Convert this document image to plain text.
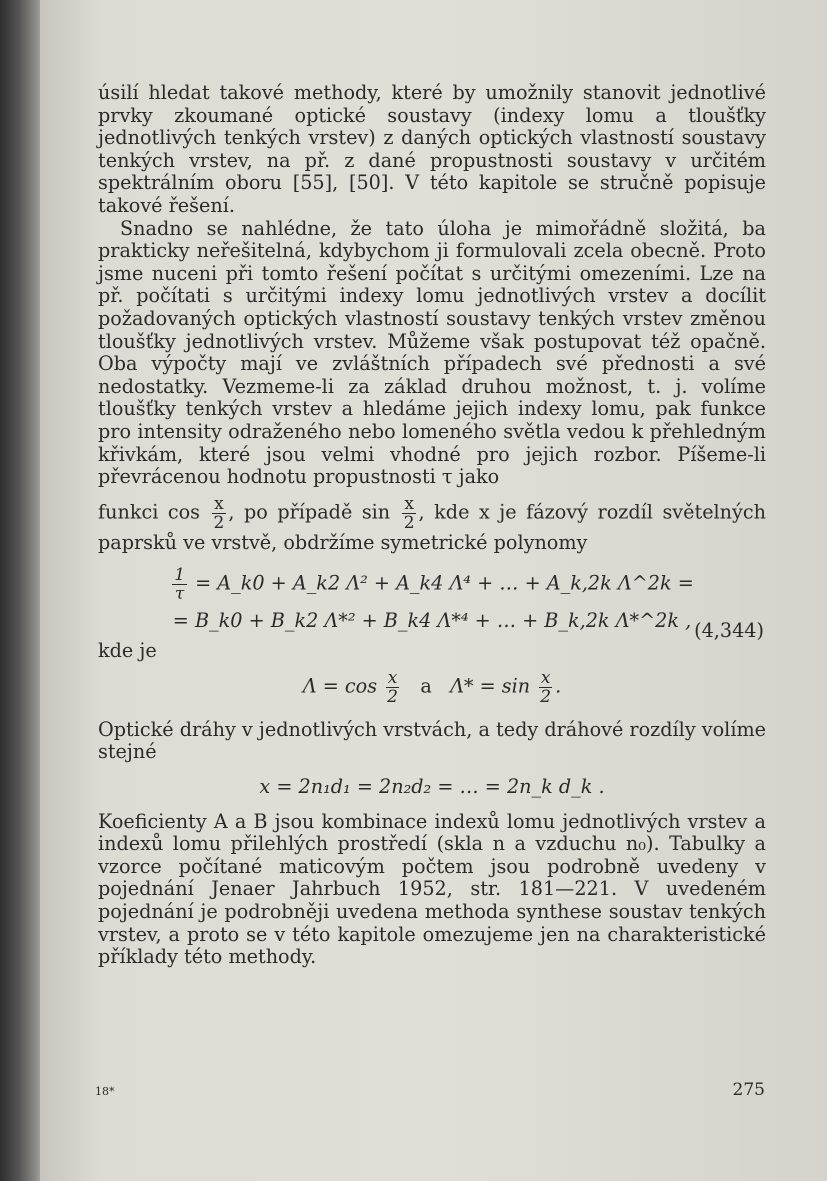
úsilí hledat takové methody, které by umožnily stanovit jednotlivé prvky zkoumané optické soustavy (indexy lomu a tloušťky jednotlivých tenkých vrstev) z daných optických vlastností soustavy tenkých vrstev, na př. z dané propustnosti soustavy v určitém spektrálním oboru [55], [50]. V této kapitole se stručně popisuje takové řešení.

Snadno se nahlédne, že tato úloha je mimořádně složitá, ba prakticky neřešitelná, kdybychom ji formulovali zcela obecně. Proto jsme nuceni při tomto řešení počítat s určitými omezeními. Lze na př. počítati s určitými indexy lomu jednotlivých vrstev a docílit požadovaných optických vlastností soustavy tenkých vrstev změnou tloušťky jednotlivých vrstev. Můžeme však postupovat též opačně. Oba výpočty mají ve zvláštních případech své přednosti a své nedostatky. Vezmeme-li za základ druhou možnost, t. j. volíme tloušťky tenkých vrstev a hledáme jejich indexy lomu, pak funkce pro intensity odraženého nebo lomeného světla vedou k přehledným křivkám, které jsou velmi vhodné pro jejich rozbor. Píšeme-li převrácenou hodnotu propustnosti τ jako

funkci $\cos \frac{x}{2}$ , po případě $\sin \frac{x}{2}$ , kde x je fázový rozdíl světelných paprsků ve vrstvě, obdržíme symetrické polynomy

$\frac{1}{\tau}$ = A_k0 + A_k2 Λ² + A_k4 Λ⁴ + … + A_k,2k Λ^2k =
= B_k0 + B_k2 Λ*² + B_k4 Λ*⁴ + … + B_k,2k Λ*^2k , (4,344)

kde je

$\Lambda = \cos \frac{x}{2}$ a $\Lambda* = \sin \frac{x}{2}$ .

Optické dráhy v jednotlivých vrstvách, a tedy dráhové rozdíly volíme stejné

x = 2n₁d₁ = 2n₂d₂ = … = 2n_k d_k .

Koeficienty A a B jsou kombinace indexů lomu jednotlivých vrstev a indexů lomu přilehlých prostředí (skla n a vzduchu n₀). Tabulky a vzorce počítané maticovým počtem jsou podrobně uvedeny v pojednání Jenaer Jahrbuch 1952, str. 181—221. V uvedeném pojednání je podrobněji uvedena methoda synthese soustav tenkých vrstev, a proto se v této kapitole omezujeme jen na charakteristické příklady této methody.

18*	275
